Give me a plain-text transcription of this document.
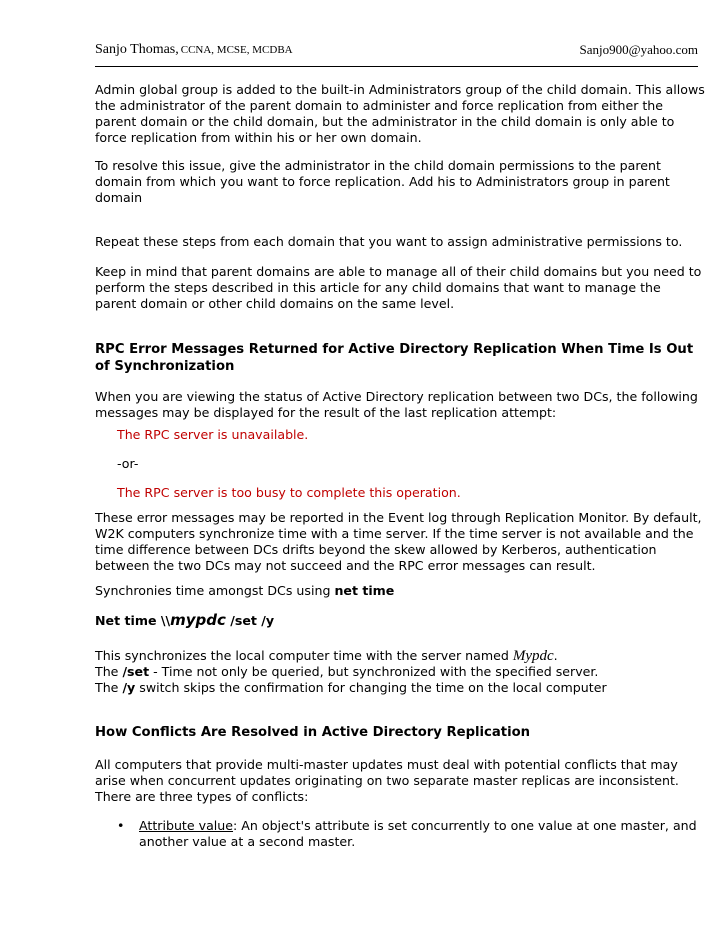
Sanjo Thomas, CCNA, MCSE, MCDBA	Sanjo900@yahoo.com

Admin global group is added to the built-in Administrators group of the child domain. This allows the administrator of the parent domain to administer and force replication from either the parent domain or the child domain, but the administrator in the child domain is only able to force replication from within his or her own domain.

To resolve this issue, give the administrator in the child domain permissions to the parent domain from which you want to force replication. Add his to Administrators group in parent domain

Repeat these steps from each domain that you want to assign administrative permissions to.

Keep in mind that parent domains are able to manage all of their child domains but you need to perform the steps described in this article for any child domains that want to manage the parent domain or other child domains on the same level.

RPC Error Messages Returned for Active Directory Replication When Time Is Out of Synchronization

When you are viewing the status of Active Directory replication between two DCs, the following messages may be displayed for the result of the last replication attempt:

The RPC server is unavailable.
-or-
The RPC server is too busy to complete this operation.

These error messages may be reported in the Event log through Replication Monitor. By default, W2K computers synchronize time with a time server. If the time server is not available and the time difference between DCs drifts beyond the skew allowed by Kerberos, authentication between the two DCs may not succeed and the RPC error messages can result.

Synchronies time amongst DCs using net time

Net time \\mypdc /set /y

This synchronizes the local computer time with the server named Mypdc.

The /set - Time not only be queried, but synchronized with the specified server.

The /y switch skips the confirmation for changing the time on the local computer

How Conflicts Are Resolved in Active Directory Replication

All computers that provide multi-master updates must deal with potential conflicts that may arise when concurrent updates originating on two separate master replicas are inconsistent. There are three types of conflicts:

• Attribute value: An object's attribute is set concurrently to one value at one master, and another value at a second master.
